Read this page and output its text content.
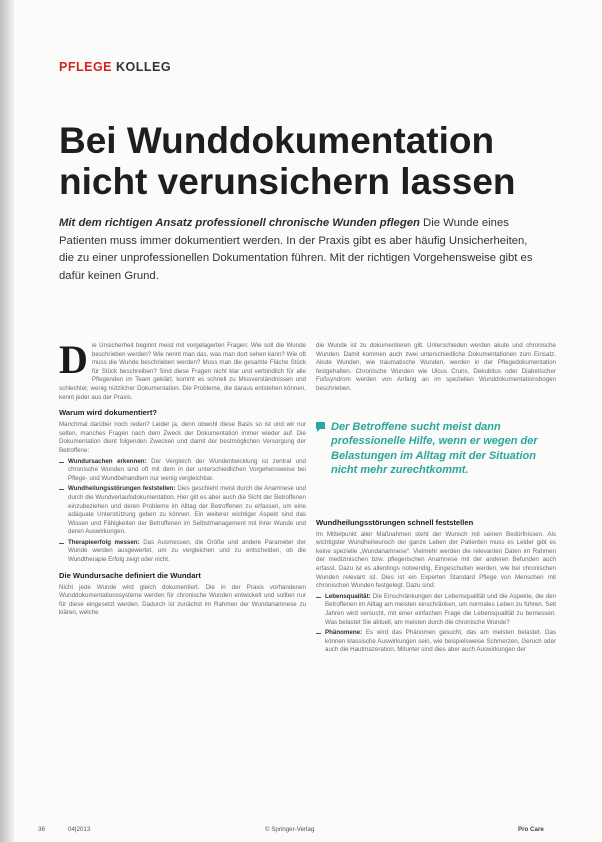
PFLEGE KOLLEG
Bei Wunddokumentation nicht verunsichern lassen

Mit dem richtigen Ansatz professionell chronische Wunden pflegen Die Wunde eines Patienten muss immer dokumentiert werden. In der Praxis gibt es aber häufig Unsicherheiten, die zu einer unprofessionellen Dokumentation führen. Mit der richtigen Vorgehensweise gibt es dafür keinen Grund.

Die Unsicherheit beginnt meist mit vorgelagerten Fragen: Wie soll die Wunde beschrieben werden? Wie nennt man das, was man dort sehen kann? Wie oft muss die Wunde beschrieben werden? Muss man die gesamte Fläche Stück für Stück beschreiben? Sind diese Fragen nicht klar und verbindlich für alle Pflegenden im Team geklärt, kommt es schnell zu Missverständnissen und schlechter, wenig nützlicher Dokumentation. Die Probleme, die daraus entstehen können, kennt jeder aus der Praxis.

Warum wird dokumentiert?

Manchmal darüber noch reden? Leider ja, denn obwohl diese Basis so ist und wir nur selten, manches Fragen nach dem Zweck der Dokumentation immer wieder auf. Die Dokumentation dient folgenden Zwecken und damit der bestmöglichen Versorgung der Betroffene:

Wundursachen erkennen: Der Vergleich der Wundentwicklung ist zentral und chronische Wunden sind oft mit dem in der unterschiedlichen Vorgehensweise bei Pflege- und Wundbehandlern nur wenig vergleichbar.
Wundheilungsstörungen feststellen: Dies geschieht meist durch die Anamnese und durch die Wundverlaufsdokumentation. Hier gilt es aber auch die Sicht der Betroffenen einzubeziehen und deren Probleme im Alltag der Betroffenen zu erfassen, um eine adäquate Unterstützung geben zu können. Ein weiterer wichtiger Aspekt sind das Wissen und Fähigkeiten der Betroffenen im Selbstmanagement mit ihrer Wunde und deren Auswirkungen.
Therapieerfolg messen: Das Ausmessen, die Größe und andere Parameter der Wunde werden ausgewertet, um zu vergleichen und zu entscheiden, ob die Wundtherapie Erfolg zeigt oder nicht.
Die Wundursache definiert die Wundart

Nicht jede Wunde wird gleich dokumentiert. Die in der Praxis vorhandenen Wunddokumentationssysteme werden für chronische Wunden entwickelt und sollten nur für diese eingesetzt werden. Dadurch ist zunächst im Rahmen der Wundanamnese zu klären, welche

die Wunde ist zu dokumentieren gilt. Unterschieden werden akute und chronische Wunden. Damit kommen auch zwei unterschiedliche Dokumentationen zum Einsatz. Akute Wunden, wie traumatische Wunden, werden in der Pflegedokumentation festgehalten. Chronische Wunden wie Ulcus Cruris, Dekubitus oder Diabetischer Fußsyndrom werden von Anfang an im speziellen Wunddokumentationsbogen beschrieben.

Der Betroffene sucht meist dann professionelle Hilfe, wenn er wegen der Belastungen im Alltag mit der Situation nicht mehr zurechtkommt.
Wundheilungsstörungen schnell feststellen

Im Mittelpunkt aller Maßnahmen steht der Wunsch mit seinen Bedürfnissen. Als wichtigster Wundheilwunsch der ganze Leben der Patienten muss es Leider gibt es keine spezielle „Wundanamnese“. Vielmehr werden die relevanten Daten im Rahmen der medizinischen bzw. pflegerischen Anamnese mit der anderen Befunden auch erfasst. Dazu ist es allerdings notwendig, Eingeschulten werden, wie bei chronischen Wunden relevant ist. Dies ist ein Experten Standard Pflege von Menschen mit chronischen Wunden festgelegt. Dazu sind:

Lebensqualität: Die Einschränkungen der Lebensqualität und die Aspekte, die den Betroffenen im Alltag am meisten einschränken, um normales Leben zu führen. Seit Jahren wird versucht, mit einer einfachen Frage die Lebensqualität zu bemessen. Was belastet Sie aktuell, am meisten durch die chronische Wunde?
Phänomene: Es wird das Phänomen gesucht, das am meisten belastet. Das können klassische Auswirkungen sein, wie beispielsweise Schmerzen, Geruch oder auch die Hautmazeration. Mitunter sind dies aber auch Auswirkungen der
36	04|2013	© Springer-Verlag	Pro Care
